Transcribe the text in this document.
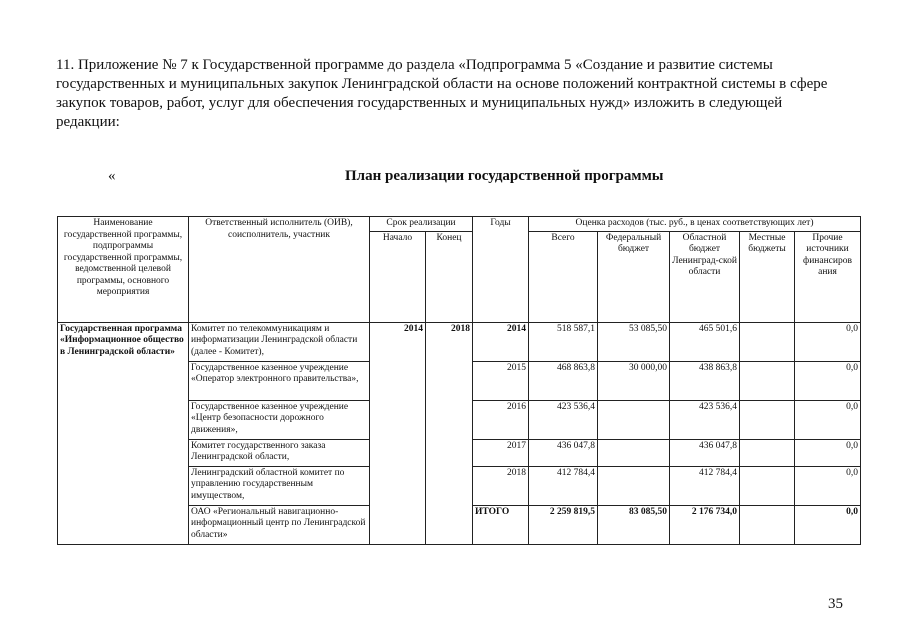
11. Приложение № 7 к Государственной программе до раздела «Подпрограмма 5 «Создание и развитие системы государственных и муниципальных закупок Ленинградской области на основе положений контрактной системы в сфере закупок товаров, работ, услуг для обеспечения государственных и муниципальных нужд» изложить в следующей редакции:

«	План реализации государственной программы
Наименование государственной программы, подпрограммы государственной программы, ведомственной целевой программы, основного мероприятия	Ответственный исполнитель (ОИВ), соисполнитель, участник	Срок реализации		Годы	Оценка расходов (тыс. руб., в ценах соответствующих лет)				
		Начало	Конец		Всего	Федеральный бюджет	Областной бюджет Ленинград-ской области	Местные бюджеты	Прочие источники финансиров ания

Государственная программа «Информационное общество в Ленинградской области»	Комитет по телекоммуникациям и информатизации Ленинградской области (далее - Комитет),	2014	2018	2014	518 587,1	53 085,50	465 501,6		0,0
	Государственное казенное учреждение «Оператор электронного правительства»,			2015	468 863,8	30 000,00	438 863,8		0,0
	Государственное казенное учреждение «Центр безопасности дорожного движения»,			2016	423 536,4		423 536,4		0,0
	Комитет государственного заказа Ленинградской области,			2017	436 047,8		436 047,8		0,0
	Ленинградский областной комитет по управлению государственным имуществом,			2018	412 784,4		412 784,4		0,0
	ОАО «Региональный навигационно-информационный центр по Ленинградской области»			ИТОГО	2 259 819,5	83 085,50	2 176 734,0		0,0
35
